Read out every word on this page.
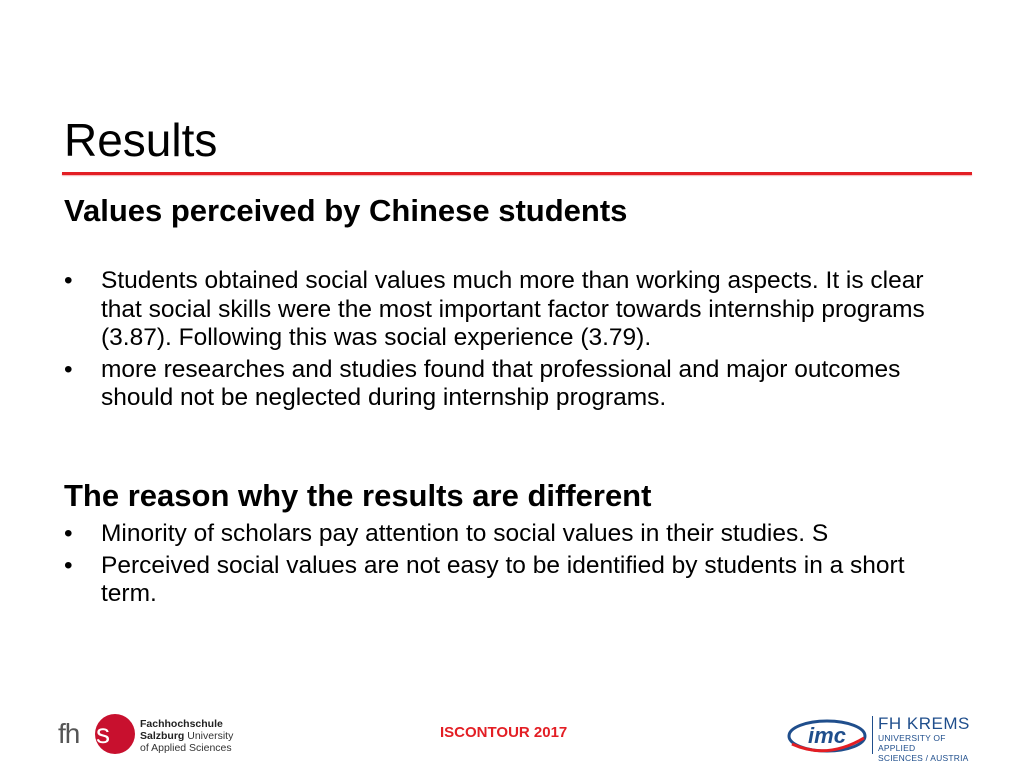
Results
Values perceived by Chinese students
• Students obtained social values much more than working aspects. It is clear that social skills were the most important factor towards internship programs (3.87). Following this was social experience (3.79).
• more researches and studies found that professional and major outcomes should not be neglected during internship programs.
The reason why the results are different
• Minority of scholars pay attention to social values in their studies. S
• Perceived social values are not easy to be identified by students in a short term.
fh s	Fachhochschule
Salzburg University
of Applied Sciences
ISCONTOUR 2017	imc FH KREMS
UNIVERSITY OF APPLIED
SCIENCES / AUSTRIA
